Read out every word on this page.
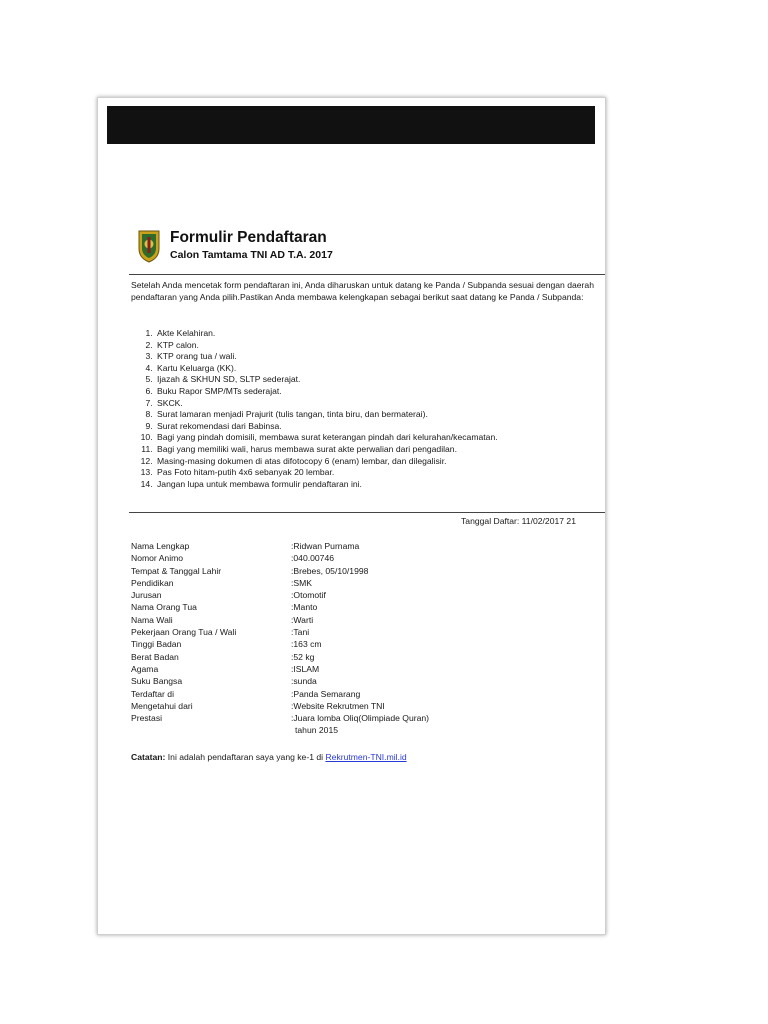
Formulir Pendaftaran
Calon Tamtama TNI AD T.A. 2017

Setelah Anda mencetak form pendaftaran ini, Anda diharuskan untuk datang ke Panda / Subpanda sesuai dengan daerah pendaftaran yang Anda pilih.Pastikan Anda membawa kelengkapan sebagai berikut saat datang ke Panda / Subpanda:

1. Akte Kelahiran.
2. KTP calon.
3. KTP orang tua / wali.
4. Kartu Keluarga (KK).
5. Ijazah & SKHUN SD, SLTP sederajat.
6. Buku Rapor SMP/MTs sederajat.
7. SKCK.
8. Surat lamaran menjadi Prajurit (tulis tangan, tinta biru, dan bermaterai).
9. Surat rekomendasi dari Babinsa.
10. Bagi yang pindah domisili, membawa surat keterangan pindah dari kelurahan/kecamatan.
11. Bagi yang memiliki wali, harus membawa surat akte perwalian dari pengadilan.
12. Masing-masing dokumen di atas difotocopy 6 (enam) lembar, dan dilegalisir.
13. Pas Foto hitam-putih 4x6 sebanyak 20 lembar.
14. Jangan lupa untuk membawa formulir pendaftaran ini.
Tanggal Daftar: 11/02/2017 21
Nama Lengkap	:Ridwan Purnama
Nomor Animo	:040.00746
Tempat & Tanggal Lahir	:Brebes, 05/10/1998
Pendidikan	:SMK
Jurusan	:Otomotif
Nama Orang Tua	:Manto
Nama Wali	:Warti
Pekerjaan Orang Tua / Wali	:Tani
Tinggi Badan	:163 cm
Berat Badan	:52 kg
Agama	:ISLAM
Suku Bangsa	:sunda
Terdaftar di	:Panda Semarang
Mengetahui dari	:Website Rekrutmen TNI
Prestasi	:Juara lomba Oliq(Olimpiade Quran)
	tahun 2015
Catatan: Ini adalah pendaftaran saya yang ke-1 di Rekrutmen-TNI.mil.id
